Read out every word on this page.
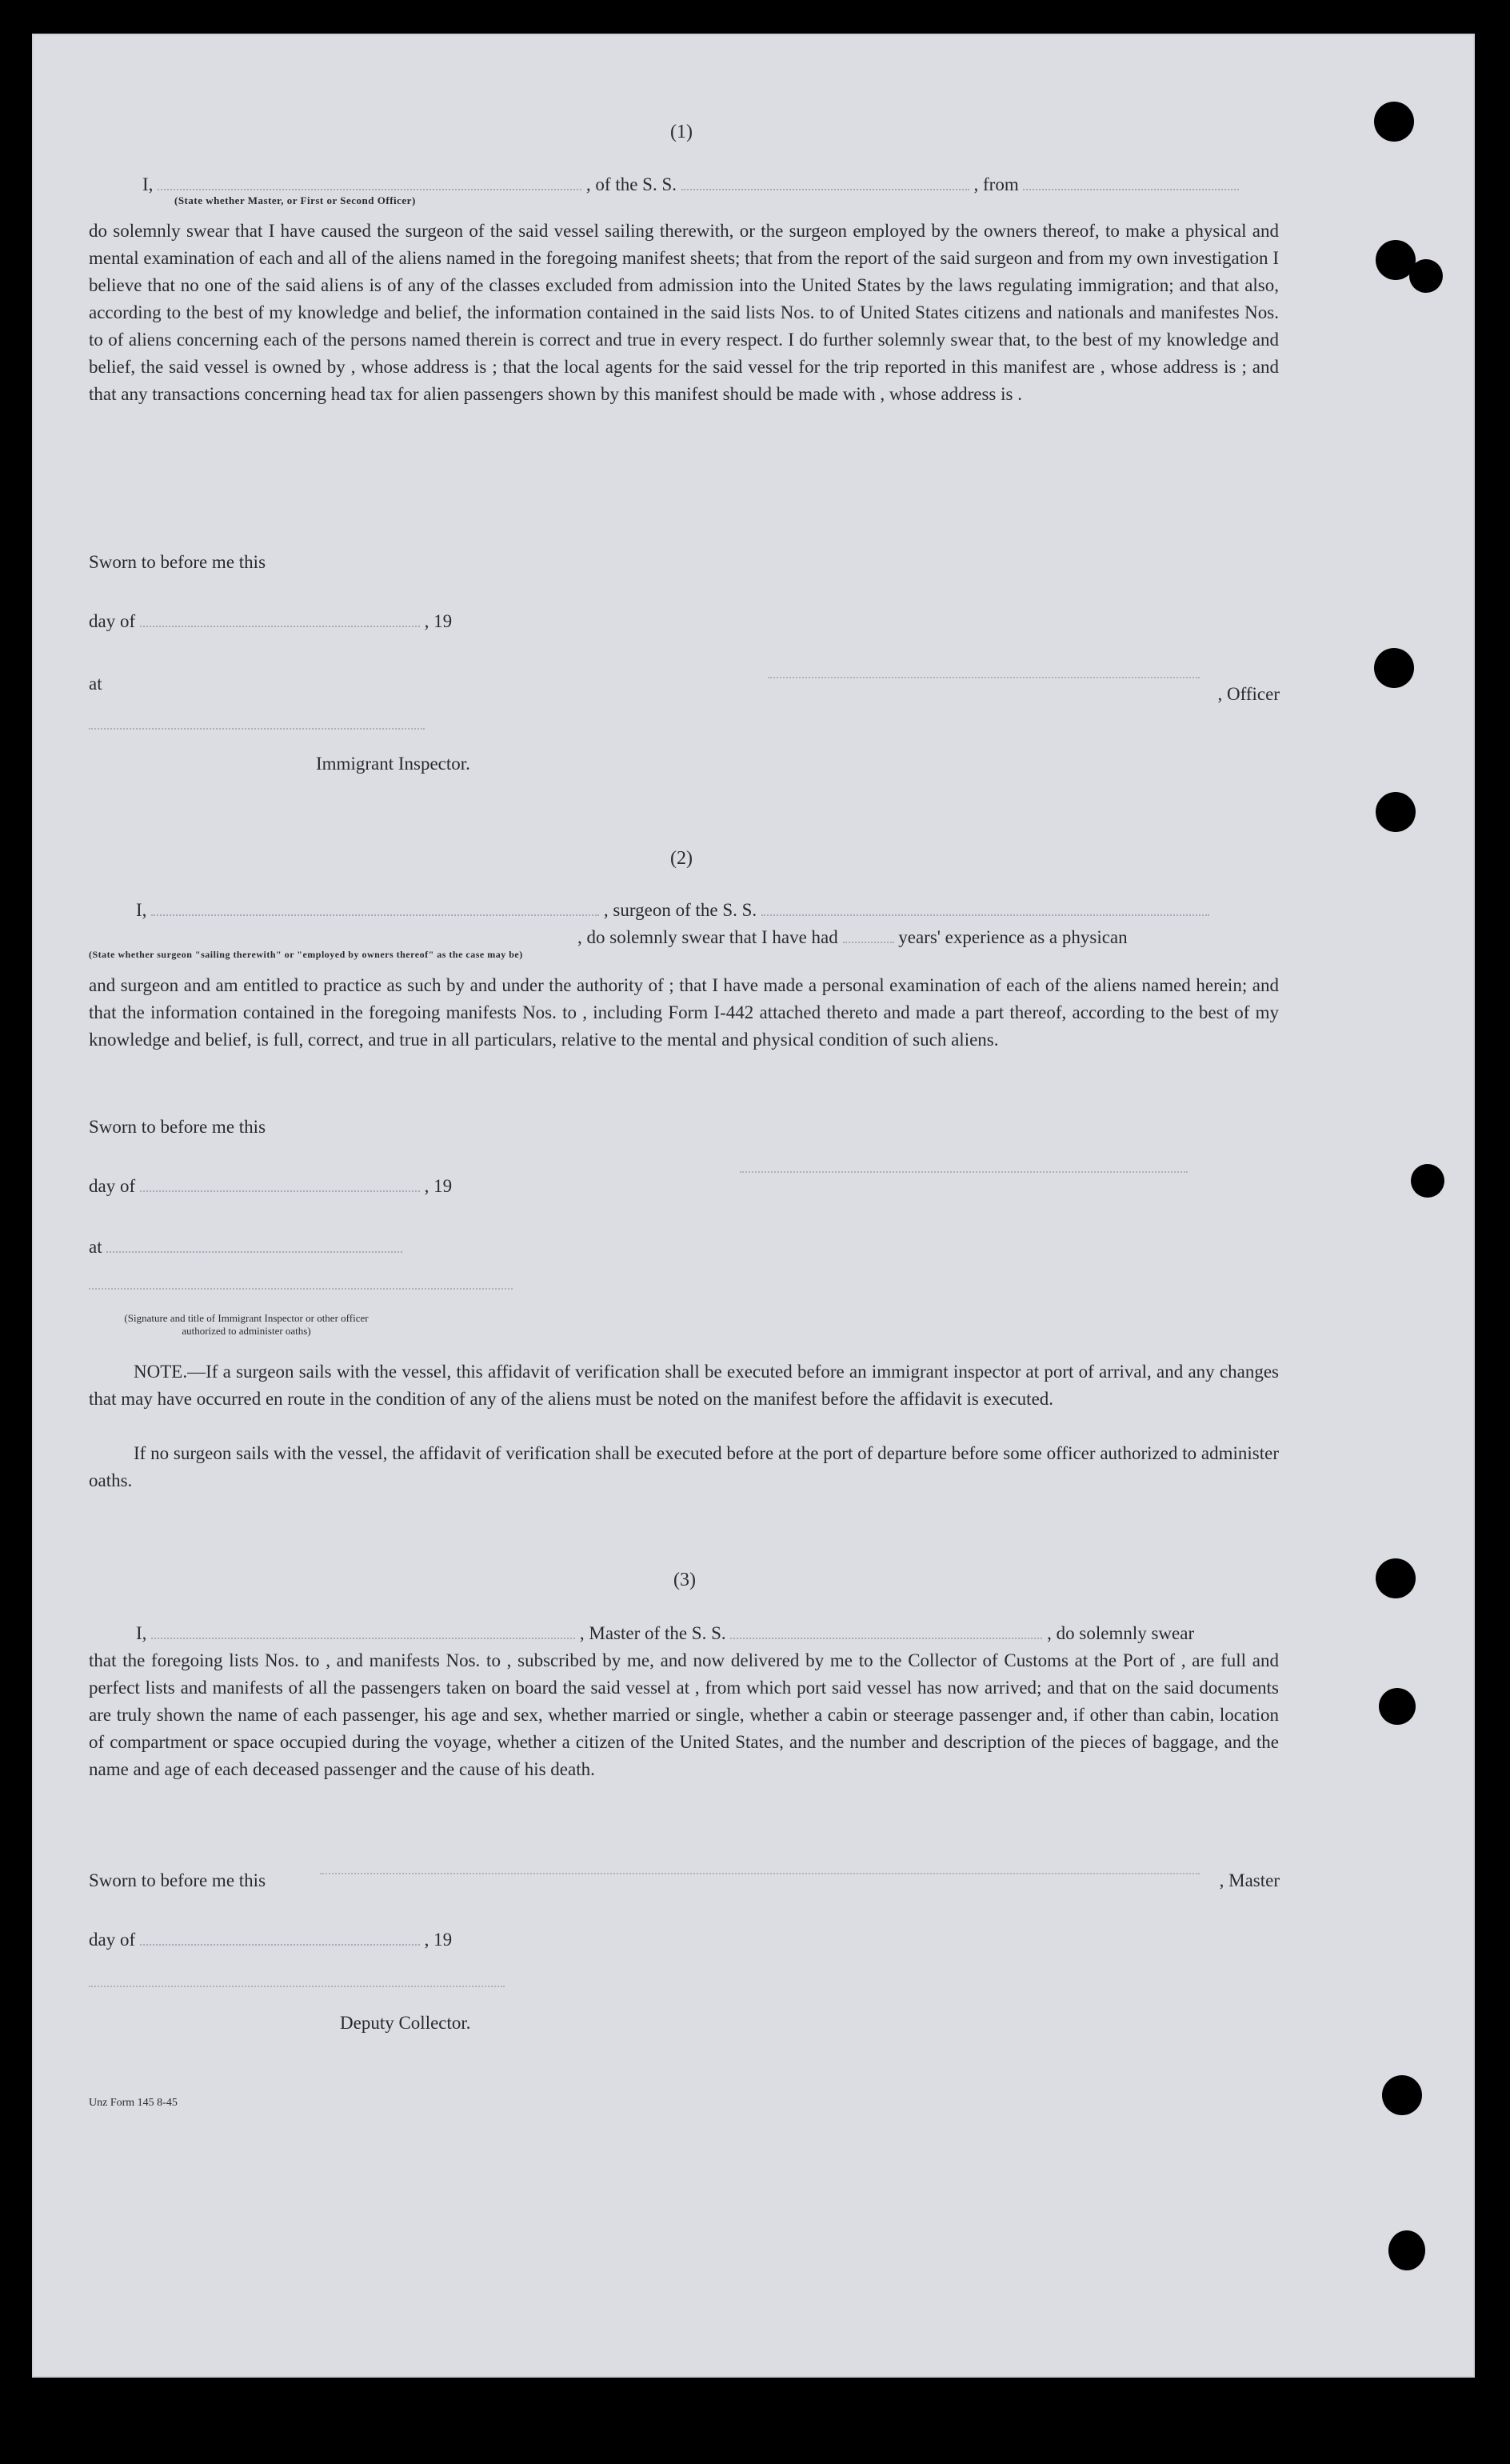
(1)
I,	, of the S. S.	, from
(State whether Master, or First or Second Officer)
do solemnly swear that I have caused the surgeon of the said vessel sailing therewith, or the surgeon employed by the owners thereof, to make a physical and mental examination of each and all of the aliens named in the foregoing manifest sheets; that from the report of the said surgeon and from my own investigation I believe that no one of the said aliens is of any of the classes excluded from admission into the United States by the laws regulating immigration; and that also, according to the best of my knowledge and belief, the information contained in the said lists Nos. to of United States citizens and nationals and manifestes Nos. to of aliens concerning each of the persons named therein is correct and true in every respect. I do further solemnly swear that, to the best of my knowledge and belief, the said vessel is owned by , whose address is ; that the local agents for the said vessel for the trip reported in this manifest are , whose address is ; and that any transactions concerning head tax for alien passengers shown by this manifest should be made with , whose address is .
Sworn to before me this
day of	, 19
at
, Officer
Immigrant Inspector.
(2)
I,	, surgeon of the S. S.
, do solemnly swear that I have had	years' experience as a physican
(State whether surgeon "sailing therewith" or "employed by owners thereof" as the case may be)
and surgeon and am entitled to practice as such by and under the authority of ; that I have made a personal examination of each of the aliens named herein; and that the information contained in the foregoing manifests Nos. to , including Form I-442 attached thereto and made a part thereof, according to the best of my knowledge and belief, is full, correct, and true in all particulars, relative to the mental and physical condition of such aliens.
Sworn to before me this
day of	, 19
at
(Signature and title of Immigrant Inspector or other officer authorized to administer oaths)
NOTE.—If a surgeon sails with the vessel, this affidavit of verification shall be executed before an immigrant inspector at port of arrival, and any changes that may have occurred en route in the condition of any of the aliens must be noted on the manifest before the affidavit is executed.
If no surgeon sails with the vessel, the affidavit of verification shall be executed before at the port of departure before some officer authorized to administer oaths.
(3)
I,	, Master of the S. S.	, do solemnly swear
that the foregoing lists Nos. to , and manifests Nos. to , subscribed by me, and now delivered by me to the Collector of Customs at the Port of , are full and perfect lists and manifests of all the passengers taken on board the said vessel at , from which port said vessel has now arrived; and that on the said documents are truly shown the name of each passenger, his age and sex, whether married or single, whether a cabin or steerage passenger and, if other than cabin, location of compartment or space occupied during the voyage, whether a citizen of the United States, and the number and description of the pieces of baggage, and the name and age of each deceased passenger and the cause of his death.
Sworn to before me this	, Master
day of	, 19
Deputy Collector.
Unz Form 145 8-45
